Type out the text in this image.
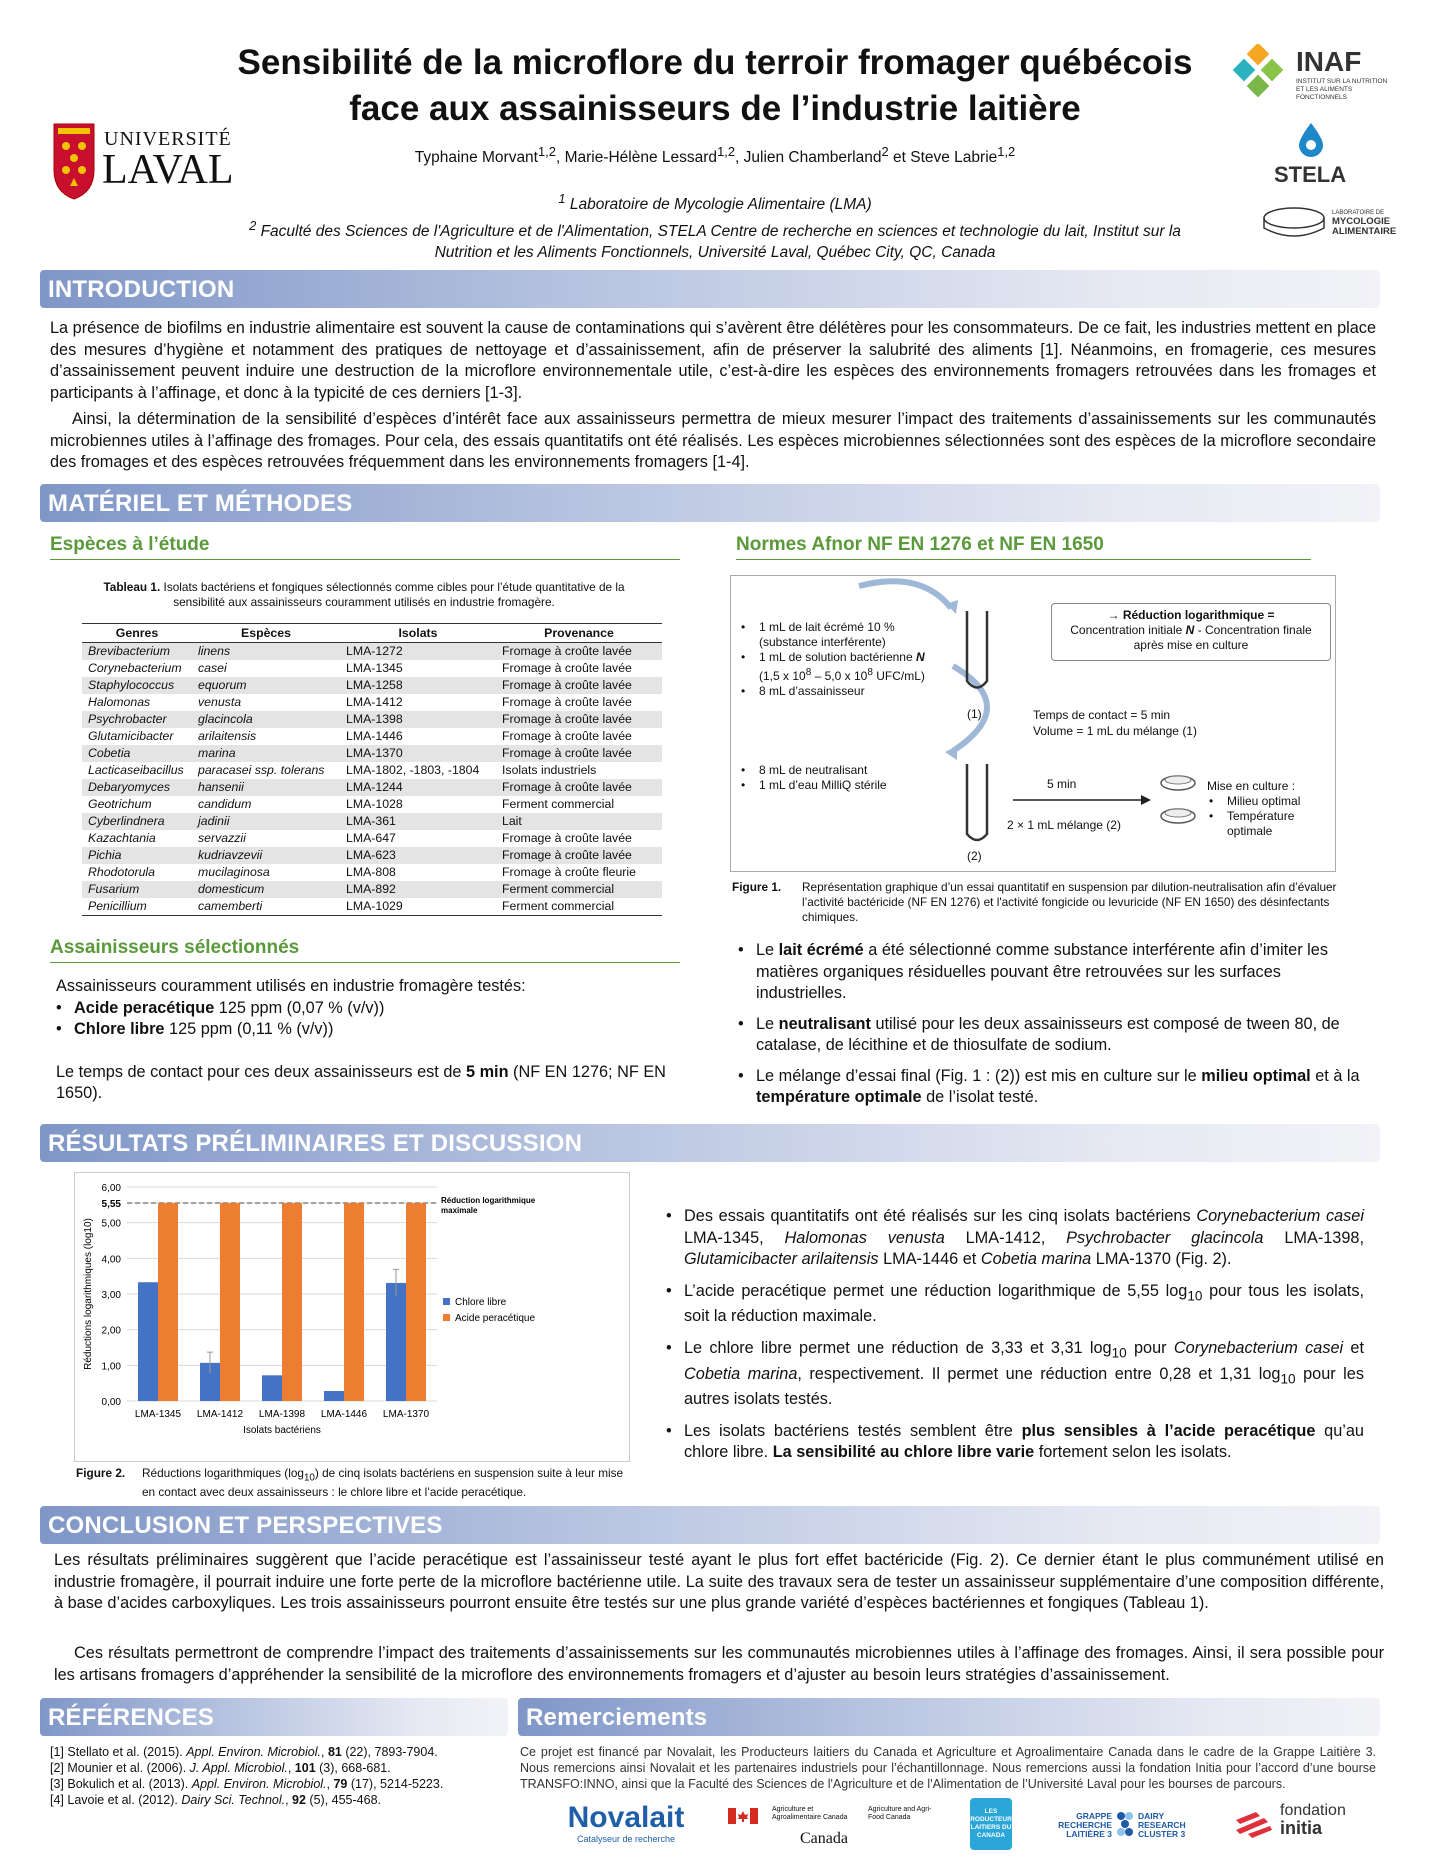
Sensibilité de la microflore du terroir fromager québécois
face aux assainisseurs de l’industrie laitière
Typhaine Morvant$^{1,2}$, Marie-Hélène Lessard$^{1,2}$, Julien Chamberland$^2$ et Steve Labrie$^{1,2}$
$^1$ Laboratoire de Mycologie Alimentaire (LMA)
$^2$ Faculté des Sciences de l'Agriculture et de l'Alimentation, STELA Centre de recherche en sciences et technologie du lait, Institut sur la Nutrition et les Aliments Fonctionnels, Université Laval, Québec City, QC, Canada
UNIVERSITÉ
LAVAL
INAF
INSTITUT SUR LA NUTRITION ET LES ALIMENTS FONCTIONNELS
STELA
LABORATOIRE DE
MYCOLOGIE ALIMENTAIRE
INTRODUCTION
La présence de biofilms en industrie alimentaire est souvent la cause de contaminations qui s’avèrent être délétères pour les consommateurs. De ce fait, les industries mettent en place des mesures d’hygiène et notamment des pratiques de nettoyage et d’assainissement, afin de préserver la salubrité des aliments [1]. Néanmoins, en fromagerie, ces mesures d’assainissement peuvent induire une destruction de la microflore environnementale utile, c’est-à-dire les espèces des environnements fromagers retrouvées dans les fromages et participants à l’affinage, et donc à la typicité de ces derniers [1-3].
Ainsi, la détermination de la sensibilité d’espèces d’intérêt face aux assainisseurs permettra de mieux mesurer l’impact des traitements d’assainissements sur les communautés microbiennes utiles à l’affinage des fromages. Pour cela, des essais quantitatifs ont été réalisés. Les espèces microbiennes sélectionnées sont des espèces de la microflore secondaire des fromages et des espèces retrouvées fréquemment dans les environnements fromagers [1-4].
MATÉRIEL ET MÉTHODES
Espèces à l’étude
Tableau 1. Isolats bactériens et fongiques sélectionnés comme cibles pour l’étude quantitative de la sensibilité aux assainisseurs couramment utilisés en industrie fromagère.
Genres	Espèces	Isolats	Provenance
Brevibacterium	linens	LMA-1272	Fromage à croûte lavée
Corynebacterium	casei	LMA-1345	Fromage à croûte lavée
Staphylococcus	equorum	LMA-1258	Fromage à croûte lavée
Halomonas	venusta	LMA-1412	Fromage à croûte lavée
Psychrobacter	glacincola	LMA-1398	Fromage à croûte lavée
Glutamicibacter	arilaitensis	LMA-1446	Fromage à croûte lavée
Cobetia	marina	LMA-1370	Fromage à croûte lavée
Lacticaseibacillus	paracasei ssp. tolerans	LMA-1802, -1803, -1804	Isolats industriels
Debaryomyces	hansenii	LMA-1244	Fromage à croûte lavée
Geotrichum	candidum	LMA-1028	Ferment commercial
Cyberlindnera	jadinii	LMA-361	Lait
Kazachtania	servazzii	LMA-647	Fromage à croûte lavée
Pichia	kudriavzevii	LMA-623	Fromage à croûte lavée
Rhodotorula	mucilaginosa	LMA-808	Fromage à croûte fleurie
Fusarium	domesticum	LMA-892	Ferment commercial
Penicillium	camemberti	LMA-1029	Ferment commercial
Assainisseurs sélectionnés
Assainisseurs couramment utilisés en industrie fromagère testés:
• Acide peracétique 125 ppm (0,07 % (v/v))
• Chlore libre 125 ppm (0,11 % (v/v))
Le temps de contact pour ces deux assainisseurs est de 5 min (NF EN 1276; NF EN 1650).
Normes Afnor NF EN 1276 et NF EN 1650
• 1 mL de lait écrémé 10 % (substance interférente)
• 1 mL de solution bactérienne N
(1,5 x $10^8 - 5,0$ x $10^8$ UFC/mL)
• 8 mL d’assainisseur
• 8 mL de neutralisant
• 1 mL d’eau MilliQ stérile
(1)
(2)
→ Réduction logarithmique =
Concentration initiale N - Concentration finale
après mise en culture
Temps de contact = 5 min
Volume = 1 mL du mélange (1)
5 min
2 × 1 mL mélange (2)
Mise en culture :
• Milieu optimal
• Température optimale
Figure 1.	Représentation graphique d’un essai quantitatif en suspension par dilution-neutralisation afin d’évaluer l’activité bactéricide (NF EN 1276) et l'activité fongicide ou levuricide (NF EN 1650) des désinfectants chimiques.
• Le lait écrémé a été sélectionné comme substance interférente afin d’imiter les matières organiques résiduelles pouvant être retrouvées sur les surfaces industrielles.
• Le neutralisant utilisé pour les deux assainisseurs est composé de tween 80, de catalase, de lécithine et de thiosulfate de sodium.
• Le mélange d’essai final (Fig. 1 : (2)) est mis en culture sur le milieu optimal et à la température optimale de l’isolat testé.
RÉSULTATS PRÉLIMINAIRES ET DISCUSSION
0,00
1,00
2,00
3,00
4,00
5,00
5,55
6,00
LMA-1345 LMA-1412 LMA-1398 LMA-1446 LMA-1370
Isolats bactériens
Réductions logarithmiques (log10)
Réduction logarithmique maximale
Chlore libre
Acide peracétique
Figure 2.	Réductions logarithmiques $(\log_{10})$ de cinq isolats bactériens en suspension suite à leur mise en contact avec deux assainisseurs : le chlore libre et l’acide peracétique.
• Des essais quantitatifs ont été réalisés sur les cinq isolats bactériens Corynebacterium casei LMA-1345, Halomonas venusta LMA-1412, Psychrobacter glacincola LMA-1398, Glutamicibacter arilaitensis LMA-1446 et Cobetia marina LMA-1370 (Fig. 2).
• L’acide peracétique permet une réduction logarithmique de 5,55 $\log_{10}$ pour tous les isolats, soit la réduction maximale.
• Le chlore libre permet une réduction de 3,33 et 3,31 $\log_{10}$ pour Corynebacterium casei et Cobetia marina, respectivement. Il permet une réduction entre 0,28 et 1,31 $\log_{10}$ pour les autres isolats testés.
• Les isolats bactériens testés semblent être plus sensibles à l’acide peracétique qu’au chlore libre. La sensibilité au chlore libre varie fortement selon les isolats.
CONCLUSION ET PERSPECTIVES
Les résultats préliminaires suggèrent que l’acide peracétique est l’assainisseur testé ayant le plus fort effet bactéricide (Fig. 2). Ce dernier étant le plus communément utilisé en industrie fromagère, il pourrait induire une forte perte de la microflore bactérienne utile. La suite des travaux sera de tester un assainisseur supplémentaire d’une composition différente, à base d’acides carboxyliques. Les trois assainisseurs pourront ensuite être testés sur une plus grande variété d’espèces bactériennes et fongiques (Tableau 1).
Ces résultats permettront de comprendre l’impact des traitements d’assainissements sur les communautés microbiennes utiles à l’affinage des fromages. Ainsi, il sera possible pour les artisans fromagers d’appréhender la sensibilité de la microflore des environnements fromagers et d’ajuster au besoin leurs stratégies d’assainissement.
RÉFÉRENCES
[1] Stellato et al. (2015). Appl. Environ. Microbiol., 81 (22), 7893-7904.
[2] Mounier et al. (2006). J. Appl. Microbiol., 101 (3), 668-681.
[3] Bokulich et al. (2013). Appl. Environ. Microbiol., 79 (17), 5214-5223.
[4] Lavoie et al. (2012). Dairy Sci. Technol., 92 (5), 455-468.
Remerciements
Ce projet est financé par Novalait, les Producteurs laitiers du Canada et Agriculture et Agroalimentaire Canada dans le cadre de la Grappe Laitière 3. Nous remercions ainsi Novalait et les partenaires industriels pour l’échantillonnage. Nous remercions aussi la fondation Initia pour l’accord d’une bourse TRANSFO:INNO, ainsi que la Faculté des Sciences de l'Agriculture et de l'Alimentation de l’Université Laval pour les bourses de parcours.
Novalait
Catalyseur de recherche
Agriculture et Agroalimentaire Canada
Agriculture and Agri-Food Canada
Canada
LES PRODUCTEURS LAITIERS DU CANADA
GRAPPE RECHERCHE LAITIÈRE 3
DAIRY RESEARCH CLUSTER 3
fondation
initia
